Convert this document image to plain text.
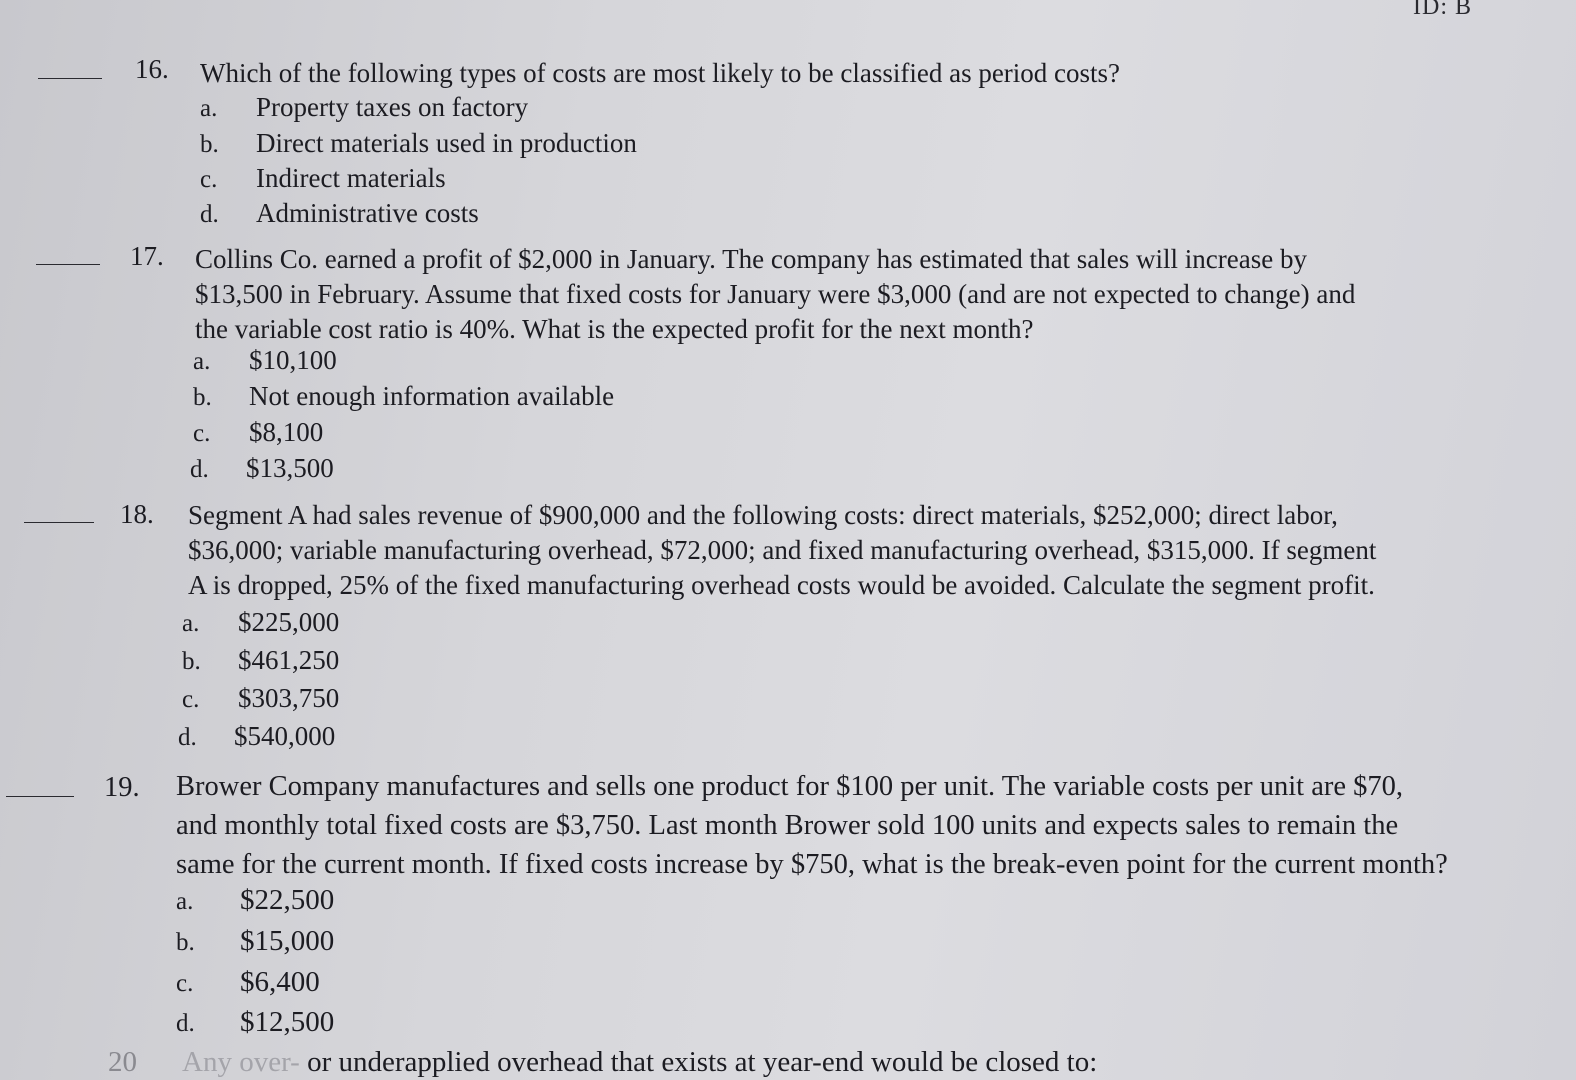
ID: B
16. Which of the following types of costs are most likely to be classified as period costs?
a. Property taxes on factory
b. Direct materials used in production
c. Indirect materials
d. Administrative costs
17. Collins Co. earned a profit of $2,000 in January. The company has estimated that sales will increase by
$13,500 in February. Assume that fixed costs for January were $3,000 (and are not expected to change) and
the variable cost ratio is 40%. What is the expected profit for the next month?
a. $10,100
b. Not enough information available
c. $8,100
d. $13,500
18. Segment A had sales revenue of $900,000 and the following costs: direct materials, $252,000; direct labor,
$36,000; variable manufacturing overhead, $72,000; and fixed manufacturing overhead, $315,000. If segment
A is dropped, 25% of the fixed manufacturing overhead costs would be avoided. Calculate the segment profit.
a. $225,000
b. $461,250
c. $303,750
d. $540,000
19. Brower Company manufactures and sells one product for $100 per unit. The variable costs per unit are $70,
and monthly total fixed costs are $3,750. Last month Brower sold 100 units and expects sales to remain the
same for the current month. If fixed costs increase by $750, what is the break-even point for the current month?
a. $22,500
b. $15,000
c. $6,400
d. $12,500
20 Any over- or underapplied overhead that exists at year-end would be closed to:
